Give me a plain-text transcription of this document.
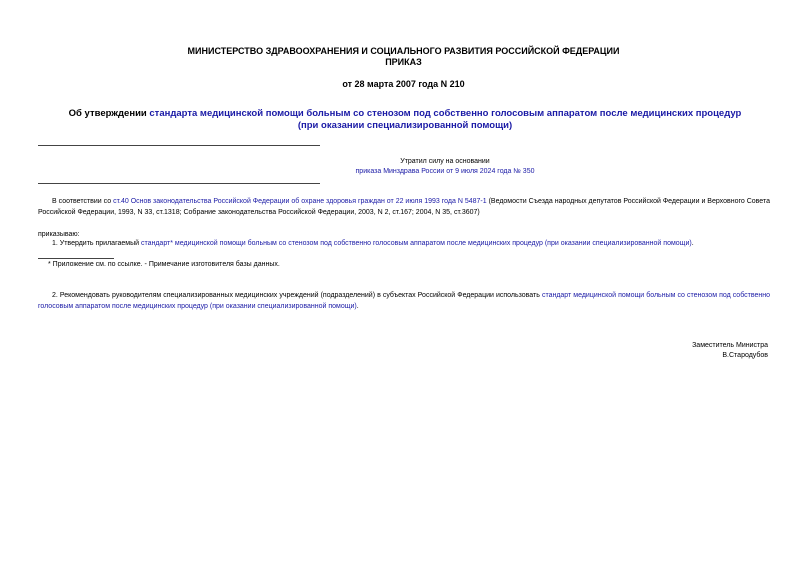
МИНИСТЕРСТВО ЗДРАВООХРАНЕНИЯ И СОЦИАЛЬНОГО РАЗВИТИЯ РОССИЙСКОЙ ФЕДЕРАЦИИ
ПРИКАЗ
от 28 марта 2007 года N 210
Об утверждении стандарта медицинской помощи больным со стенозом под собственно голосовым аппаратом после медицинских процедур (при оказании специализированной помощи)
Утратил силу на основании
приказа Минздрава России от 9 июля 2024 года № 350
В соответствии со ст.40 Основ законодательства Российской Федерации об охране здоровья граждан от 22 июля 1993 года N 5487-1 (Ведомости Съезда народных депутатов Российской Федерации и Верховного Совета Российской Федерации, 1993, N 33, ст.1318; Собрание законодательства Российской Федерации, 2003, N 2, ст.167; 2004, N 35, ст.3607)
приказываю:
1. Утвердить прилагаемый стандарт* медицинской помощи больным со стенозом под собственно голосовым аппаратом после медицинских процедур (при оказании специализированной помощи).
* Приложение см. по ссылке. - Примечание изготовителя базы данных.
2. Рекомендовать руководителям специализированных медицинских учреждений (подразделений) в субъектах Российской Федерации использовать стандарт медицинской помощи больным со стенозом под собственно голосовым аппаратом после медицинских процедур (при оказании специализированной помощи).
Заместитель Министра
В.Стародубов
